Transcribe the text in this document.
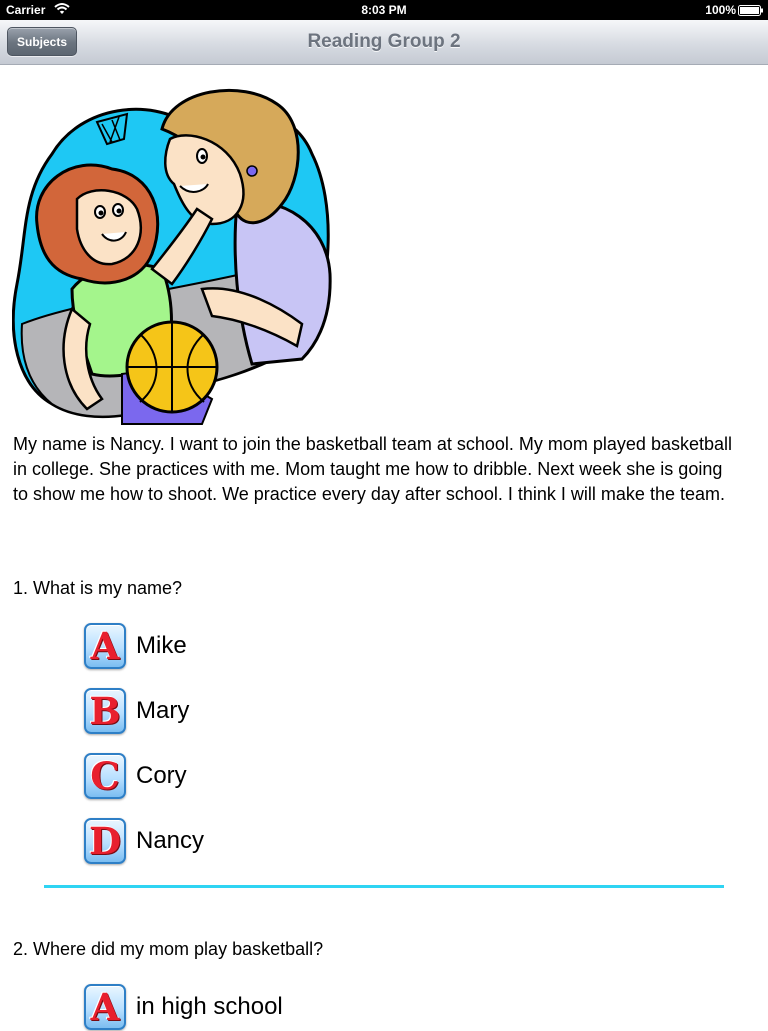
Carrier	8:03 PM	100%
Subjects	Reading Group 2

My name is Nancy. I want to join the basketball team at school. My mom played basketball in college. She practices with me. Mom taught me how to dribble. Next week she is going to show me how to shoot. We practice every day after school. I think I will make the team.

1. What is my name?

A Mike
B Mary
C Cory
D Nancy

2. Where did my mom play basketball?

A in high school
